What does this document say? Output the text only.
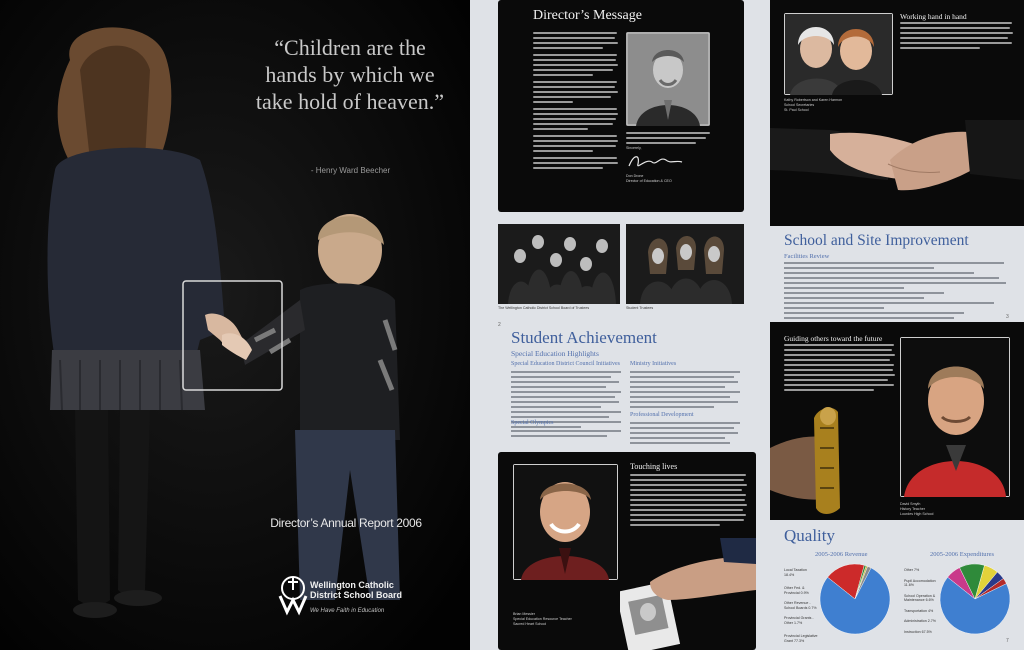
“Children are the hands by which we take hold of heaven.”
- Henry Ward Beecher
Director’s Annual Report 2006
Wellington Catholic
District School Board
We Have Faith in Education
Director’s Message
Sincerely,
Don Drone
Director of Education & CEO
The Wellington Catholic District School Board of Trustees	Student Trustees
2
Student Achievement
Special Education Highlights
Special Education District Council Initiatives
Special Olympics
Ministry Initiatives
Professional Development
Brian Messier
Special Education Resource Teacher
Sacred Heart School
Touching lives
Kathy Robertson and Karen Harmon
School Secretaries
St. Paul School
Working hand in hand
School and Site Improvement
Facilities Review
3
Guiding others toward the future
David Smyth
History Teacher
Lourdes High School
Quality
2005-2006 Revenue	2005-2006 Expenditures
Local Taxation 18.4%
Other Fed. & Provincial 0.9%
Other Revenue - School Boards 0.7%
Provincial Grants - Other 1.7%
Provincial Legislative Grant 77.3%
Other 7%
Pupil Accomodation 11.6%
School Operation & Maintenance 6.6%
Transportation 4%
Administration 2.7%
Instruction 67.5%
7
